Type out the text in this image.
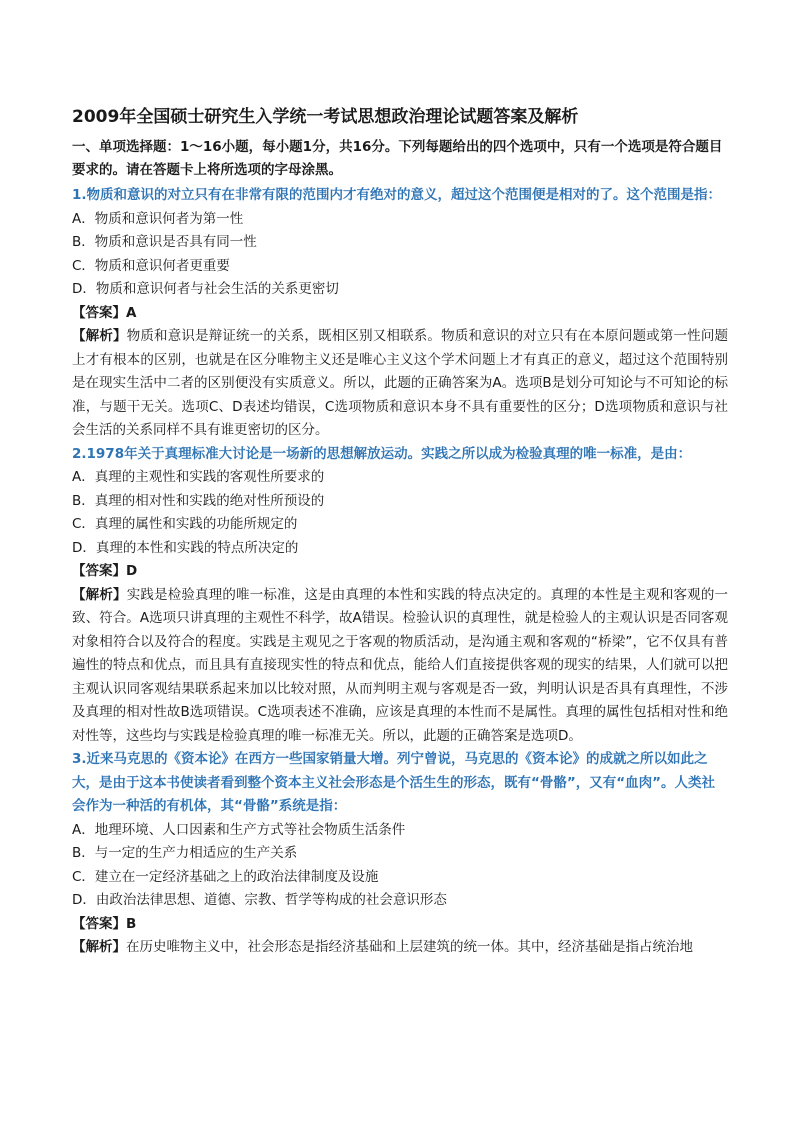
2009年全国硕士研究生入学统一考试思想政治理论试题答案及解析

一、单项选择题：1～16小题，每小题1分，共16分。下列每题给出的四个选项中，只有一个选项是符合题目要求的。请在答题卡上将所选项的字母涂黑。

1.物质和意识的对立只有在非常有限的范围内才有绝对的意义，超过这个范围便是相对的了。这个范围是指：

A．物质和意识何者为第一性

B．物质和意识是否具有同一性

C．物质和意识何者更重要

D．物质和意识何者与社会生活的关系更密切

【答案】A

【解析】物质和意识是辩证统一的关系，既相区别又相联系。物质和意识的对立只有在本原问题或第一性问题上才有根本的区别，也就是在区分唯物主义还是唯心主义这个学术问题上才有真正的意义，超过这个范围特别是在现实生活中二者的区别便没有实质意义。所以，此题的正确答案为A。选项B是划分可知论与不可知论的标准，与题干无关。选项C、D表述均错误，C选项物质和意识本身不具有重要性的区分；D选项物质和意识与社会生活的关系同样不具有谁更密切的区分。

2.1978年关于真理标准大讨论是一场新的思想解放运动。实践之所以成为检验真理的唯一标准，是由：

A．真理的主观性和实践的客观性所要求的

B．真理的相对性和实践的绝对性所预设的

C．真理的属性和实践的功能所规定的

D．真理的本性和实践的特点所决定的

【答案】D

【解析】实践是检验真理的唯一标准，这是由真理的本性和实践的特点决定的。真理的本性是主观和客观的一致、符合。A选项只讲真理的主观性不科学，故A错误。检验认识的真理性，就是检验人的主观认识是否同客观对象相符合以及符合的程度。实践是主观见之于客观的物质活动，是沟通主观和客观的“桥梁”，它不仅具有普遍性的特点和优点，而且具有直接现实性的特点和优点，能给人们直接提供客观的现实的结果，人们就可以把主观认识同客观结果联系起来加以比较对照，从而判明主观与客观是否一致，判明认识是否具有真理性，不涉及真理的相对性故B选项错误。C选项表述不准确，应该是真理的本性而不是属性。真理的属性包括相对性和绝对性等，这些均与实践是检验真理的唯一标准无关。所以，此题的正确答案是选项D。

3.近来马克思的《资本论》在西方一些国家销量大增。列宁曾说，马克思的《资本论》的成就之所以如此之大，是由于这本书使读者看到整个资本主义社会形态是个活生生的形态，既有“骨骼”，又有“血肉”。人类社会作为一种活的有机体，其“骨骼”系统是指：

A．地理环境、人口因素和生产方式等社会物质生活条件

B．与一定的生产力相适应的生产关系

C．建立在一定经济基础之上的政治法律制度及设施

D．由政治法律思想、道德、宗教、哲学等构成的社会意识形态

【答案】B

【解析】在历史唯物主义中，社会形态是指经济基础和上层建筑的统一体。其中，经济基础是指占统治地
